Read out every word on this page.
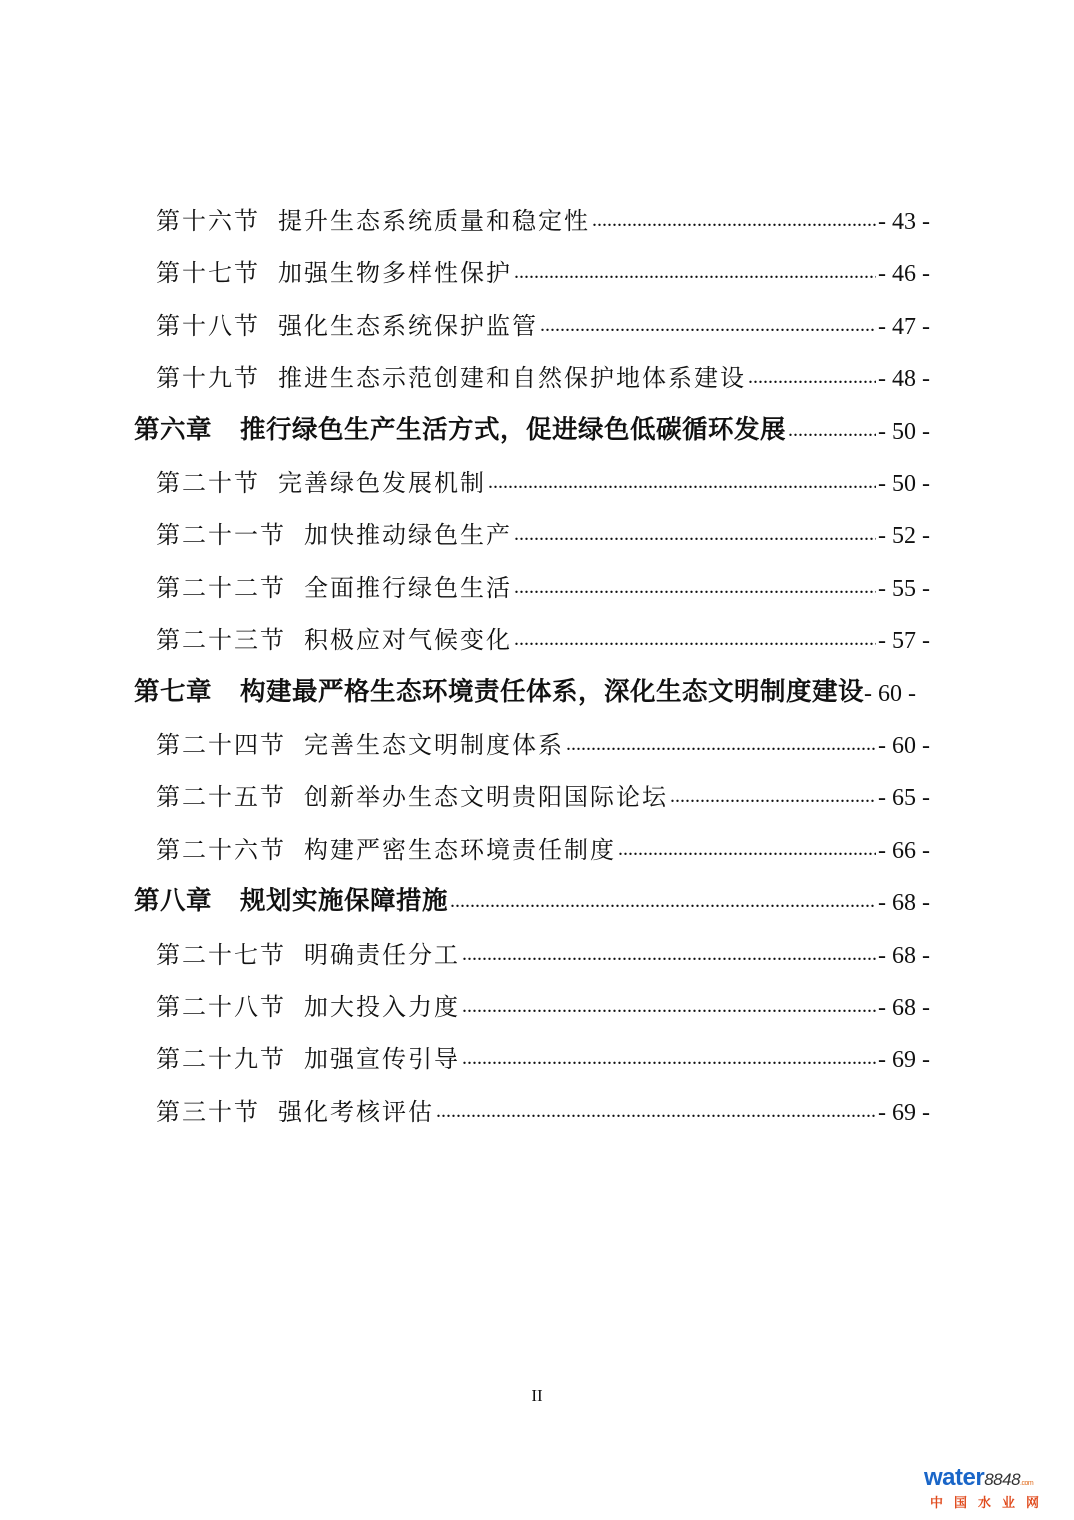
第十六节 提升生态系统质量和稳定性 .....	- 43 -
第十七节 加强生物多样性保护 .....	- 46 -
第十八节 强化生态系统保护监管 .....	- 47 -
第十九节 推进生态示范创建和自然保护地体系建设 .....	- 48 -
第六章 推行绿色生产生活方式，促进绿色低碳循环发展 .....	- 50 -
第二十节 完善绿色发展机制 .....	- 50 -
第二十一节 加快推动绿色生产 .....	- 52 -
第二十二节 全面推行绿色生活 .....	- 55 -
第二十三节 积极应对气候变化 .....	- 57 -
第七章 构建最严格生态环境责任体系，深化生态文明制度建设 - 60 -
第二十四节 完善生态文明制度体系 .....	- 60 -
第二十五节 创新举办生态文明贵阳国际论坛 .....	- 65 -
第二十六节 构建严密生态环境责任制度 .....	- 66 -
第八章 规划实施保障措施 .....	- 68 -
第二十七节 明确责任分工 .....	- 68 -
第二十八节 加大投入力度 .....	- 68 -
第二十九节 加强宣传引导 .....	- 69 -
第三十节 强化考核评估 .....	- 69 -
II
water8848.com
中国水业网
